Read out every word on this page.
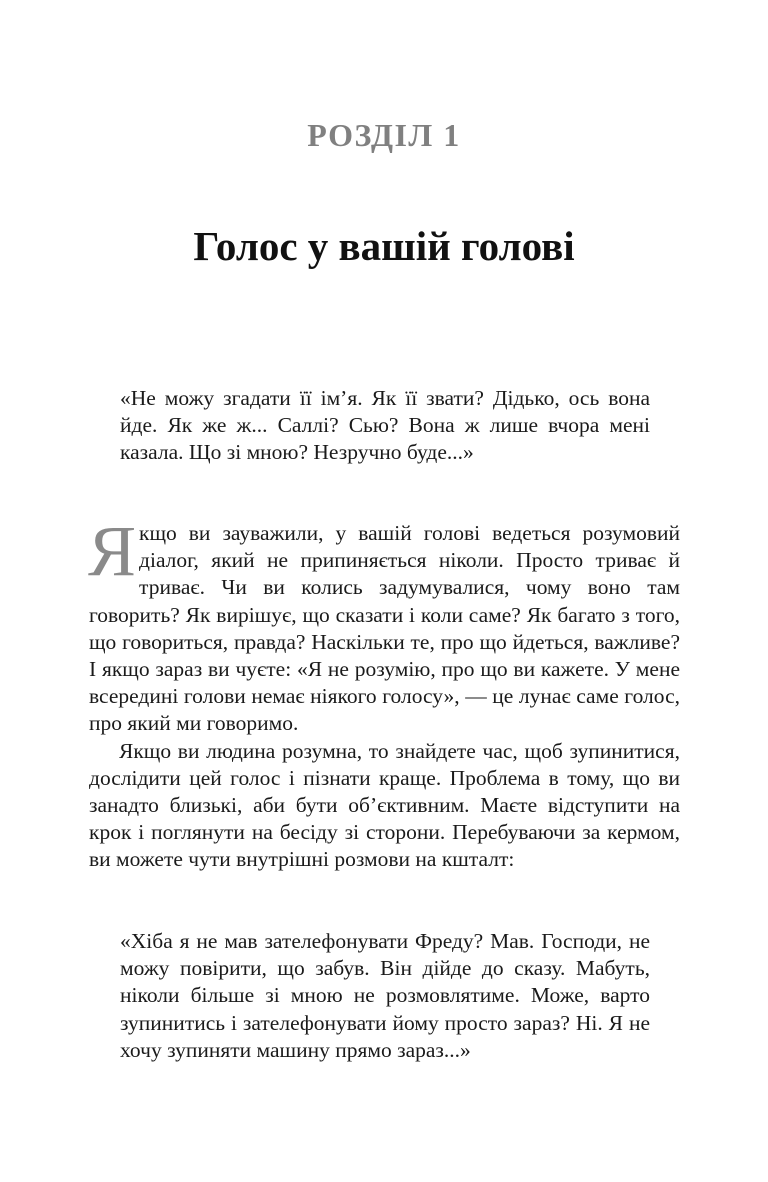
РОЗДІЛ 1
Голос у вашій голові

«Не можу згадати її ім’я. Як її звати? Дідько, ось вона йде. Як же ж... Саллі? Сью? Вона ж лише вчора мені казала. Що зі мною? Незручно буде...»

Якщо ви зауважили, у вашій голові ведеться розумовий діалог, який не припиняється ніколи. Просто триває й триває. Чи ви колись задумувалися, чому воно там говорить? Як вирішує, що сказати і коли саме? Як багато з того, що говориться, правда? Наскільки те, про що йдеться, важливе? І якщо зараз ви чуєте: «Я не розумію, про що ви кажете. У мене всередині голови немає ніякого голосу», — це лунає саме голос, про який ми говоримо.

Якщо ви людина розумна, то знайдете час, щоб зупинитися, дослідити цей голос і пізнати краще. Проблема в тому, що ви занадто близькі, аби бути об’єктивним. Маєте відступити на крок і поглянути на бесіду зі сторони. Перебуваючи за кермом, ви можете чути внутрішні розмови на кшталт:

«Хіба я не мав зателефонувати Фреду? Мав. Господи, не можу повірити, що забув. Він дійде до сказу. Мабуть, ніколи більше зі мною не розмовлятиме. Може, варто зупинитись і зателефонувати йому просто зараз? Ні. Я не хочу зупиняти машину прямо зараз...»
